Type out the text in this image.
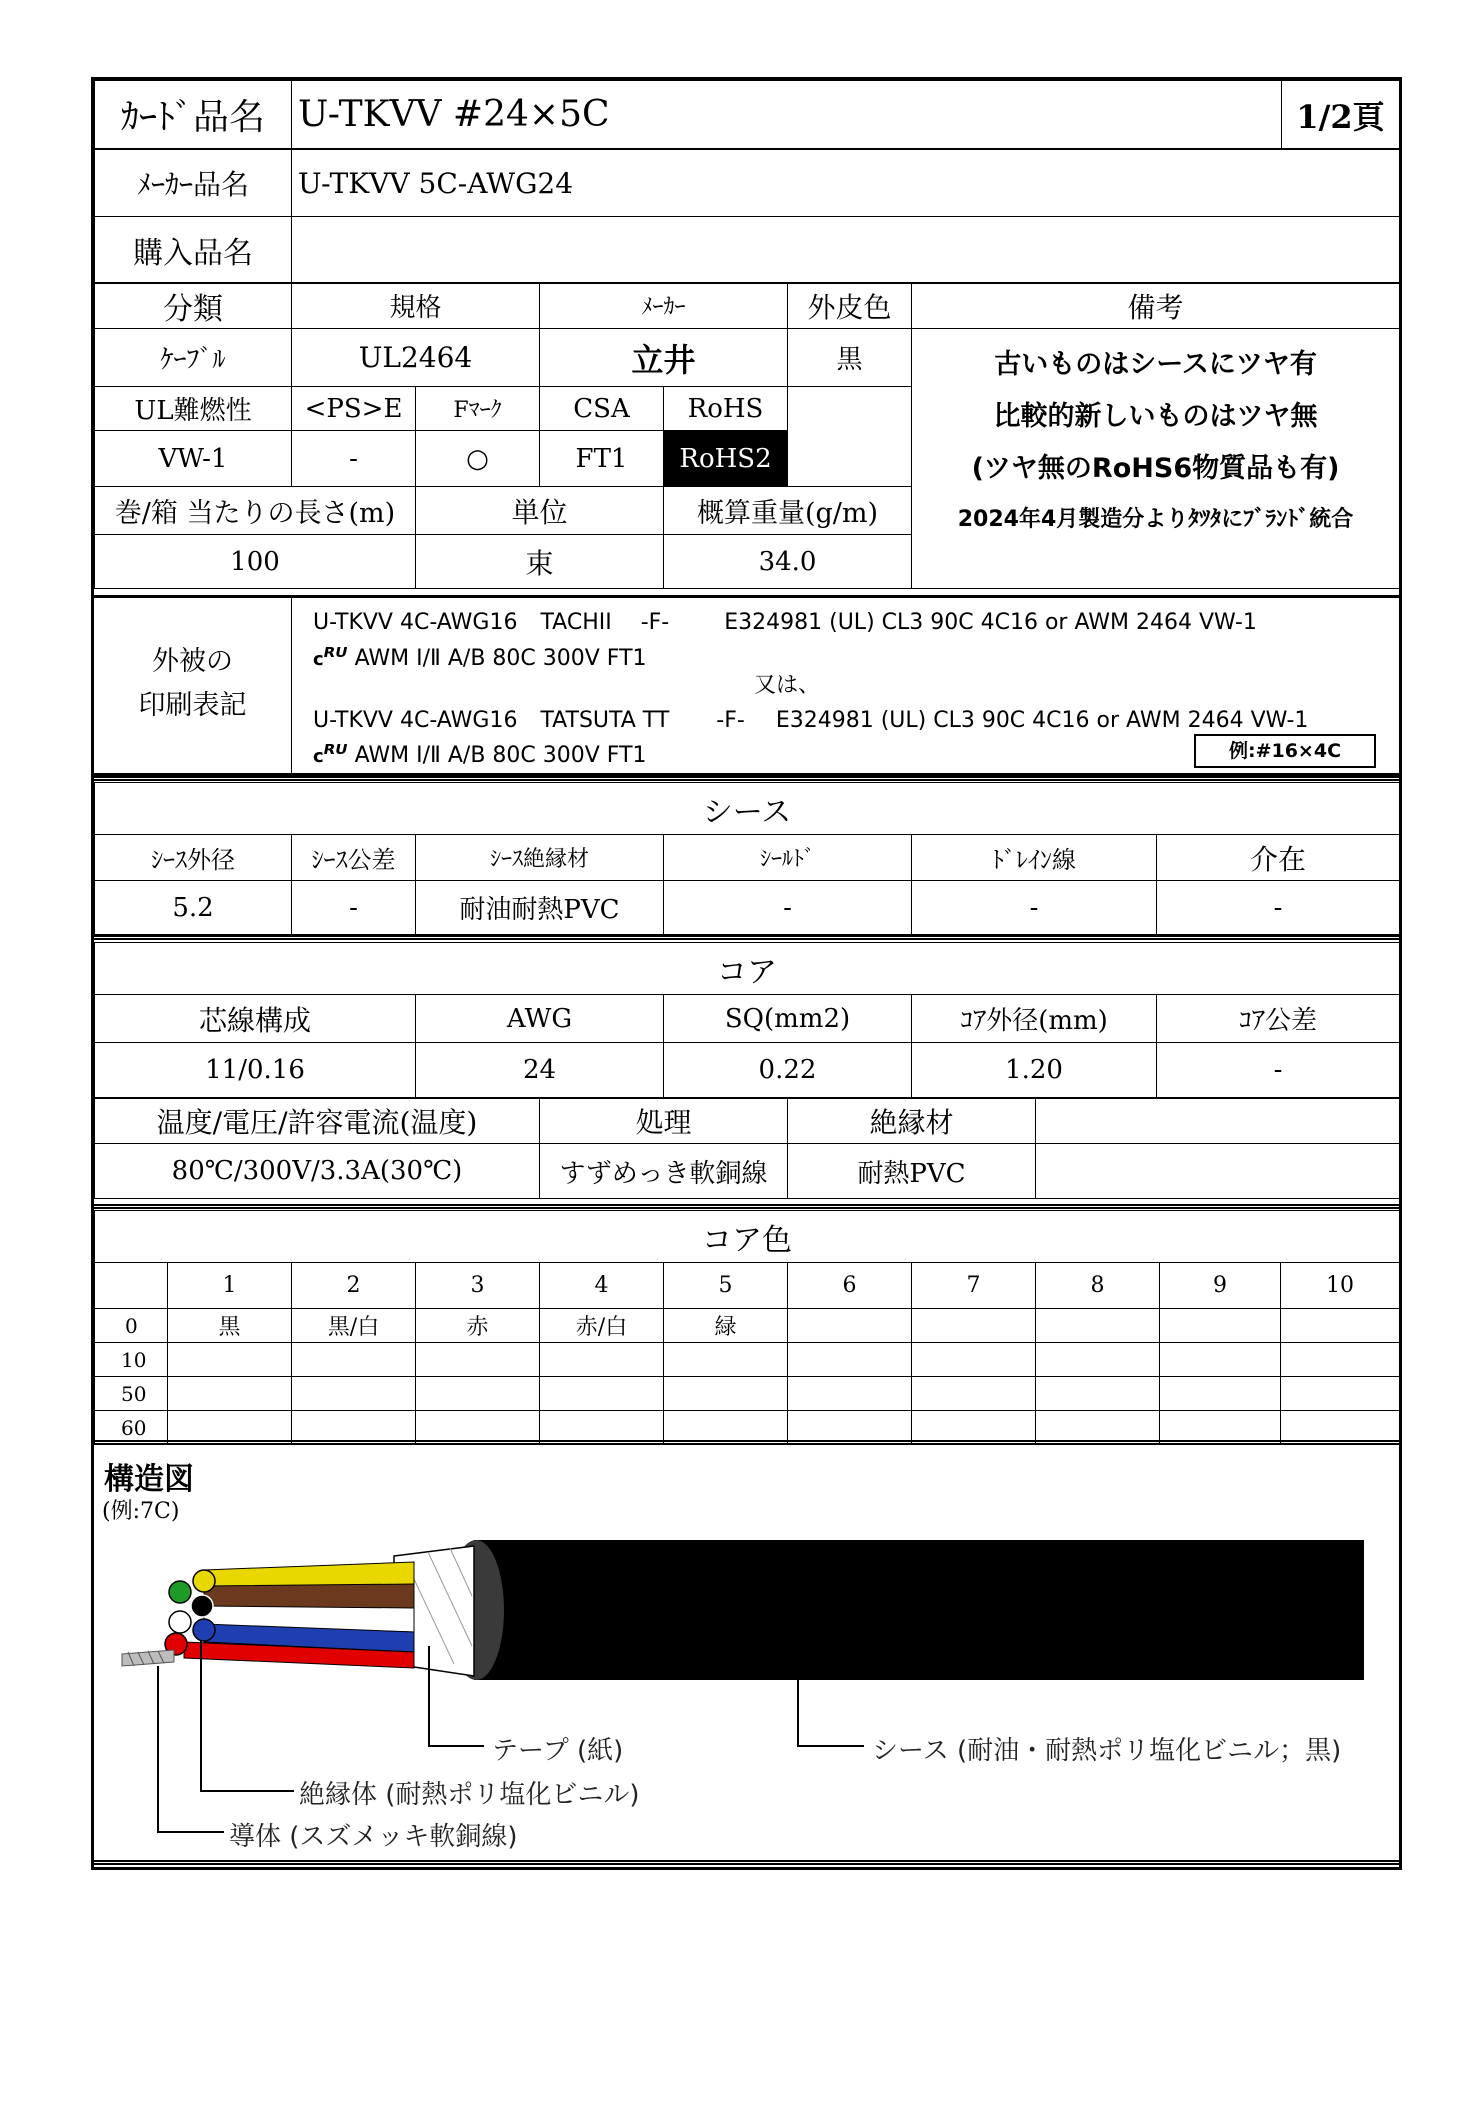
ｶｰﾄﾞ品名	U-TKVV #24×5C	1/2頁
ﾒｰｶｰ品名	U-TKVV 5C-AWG24
購入品名	
分類	規格		ﾒｰｶｰ		外皮色	備考	
ｹｰﾌﾞﾙ	UL2464		立井		黒	古いものはシースにツヤ有
比較的新しいものはツヤ無
(ツヤ無のRoHS6物質品も有)
2024年4月製造分よりﾀﾂﾀにﾌﾞﾗﾝﾄﾞ統合	

UL難燃性	<PS>E	Fﾏｰｸ	CSA	RoHS			
VW-1	-	○	FT1	RoHS2			
巻/箱 当たりの長さ(m)		単位		概算重量(g/m)			
100		束		34.0			
外被の
印刷表記
U-TKVV 4C-AWG16 TACHII -F-	E324981 (UL) CL3 90C 4C16 or AWM 2464 VW-1
cᴿᵁ AWM Ⅰ/Ⅱ A/B 80C 300V FT1
又は、
U-TKVV 4C-AWG16 TATSUTA TT -F- E324981 (UL) CL3 90C 4C16 or AWM 2464 VW-1
cᴿᵁ AWM Ⅰ/Ⅱ A/B 80C 300V FT1	例:#16×4C
シース					
ｼｰｽ外径	ｼｰｽ公差	ｼｰｽ絶縁材	ｼｰﾙﾄﾞ	ﾄﾞﾚｲﾝ線	介在
5.2	-	耐油耐熱PVC	-	-	-
コア				
芯線構成	AWG	SQ(mm2)	ｺｱ外径(mm)	ｺｱ公差
11/0.16	24	0.22	1.20	-
温度/電圧/許容電流(温度)	処理	絶縁材	
80℃/300V/3.3A(30℃)	すずめっき軟銅線	耐熱PVC	
コア色										
	1	2	3	4	5	6	7	8	9	10
0	黒	黒/白	赤	赤/白	緑					
10										
50										
60										
構造図
(例:7C)
テープ (紙)	シース (耐油・耐熱ポリ塩化ビニル；黒)
絶縁体 (耐熱ポリ塩化ビニル)
導体 (スズメッキ軟銅線)
